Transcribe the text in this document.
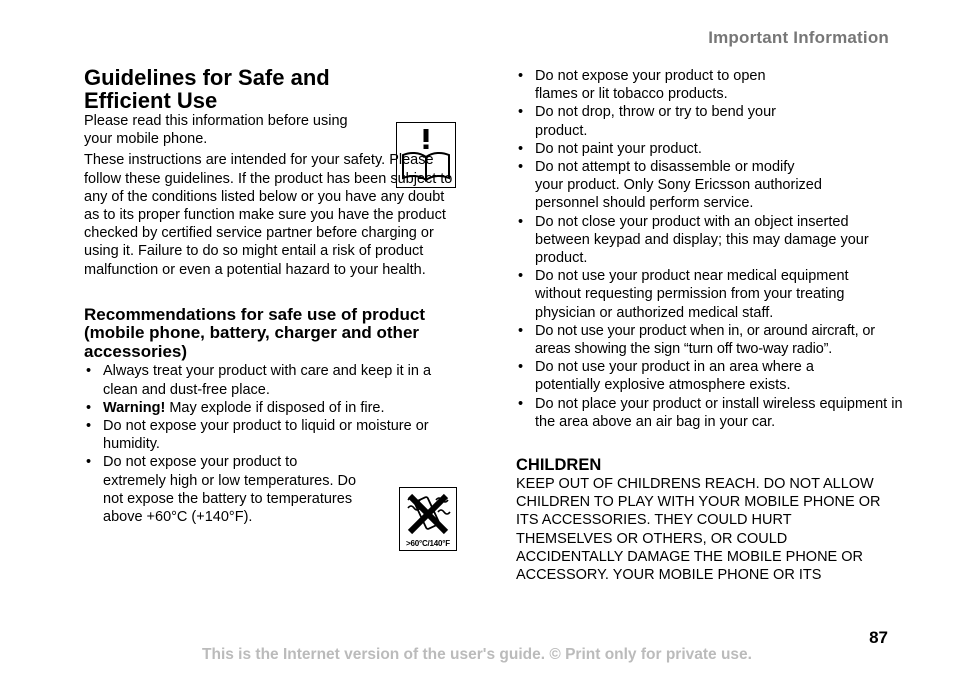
Important Information
Guidelines for Safe and Efficient Use

Please read this information before using your mobile phone.

These instructions are intended for your safety. Please follow these guidelines. If the product has been subject to any of the conditions listed below or you have any doubt as to its proper function make sure you have the product checked by certified service partner before charging or using it. Failure to do so might entail a risk of product malfunction or even a potential hazard to your health.

Recommendations for safe use of product (mobile phone, battery, charger and other accessories)
• Always treat your product with care and keep it in a clean and dust-free place.
• Warning! May explode if disposed of in fire.
• Do not expose your product to liquid or moisture or humidity.
• Do not expose your product to extremely high or low temperatures. Do not expose the battery to temperatures above +60°C (+140°F).
>60°C/140°F
• Do not expose your product to open flames or lit tobacco products.
• Do not drop, throw or try to bend your product.
• Do not paint your product.
• Do not attempt to disassemble or modify your product. Only Sony Ericsson authorized personnel should perform service.
• Do not close your product with an object inserted between keypad and display; this may damage your product.
• Do not use your product near medical equipment without requesting permission from your treating physician or authorized medical staff.
• Do not use your product when in, or around aircraft, or areas showing the sign “turn off two-way radio”.
• Do not use your product in an area where a potentially explosive atmosphere exists.
• Do not place your product or install wireless equipment in the area above an air bag in your car.
CHILDREN

KEEP OUT OF CHILDRENS REACH. DO NOT ALLOW CHILDREN TO PLAY WITH YOUR MOBILE PHONE OR ITS ACCESSORIES. THEY COULD HURT THEMSELVES OR OTHERS, OR COULD ACCIDENTALLY DAMAGE THE MOBILE PHONE OR ACCESSORY. YOUR MOBILE PHONE OR ITS

87
This is the Internet version of the user's guide. © Print only for private use.
